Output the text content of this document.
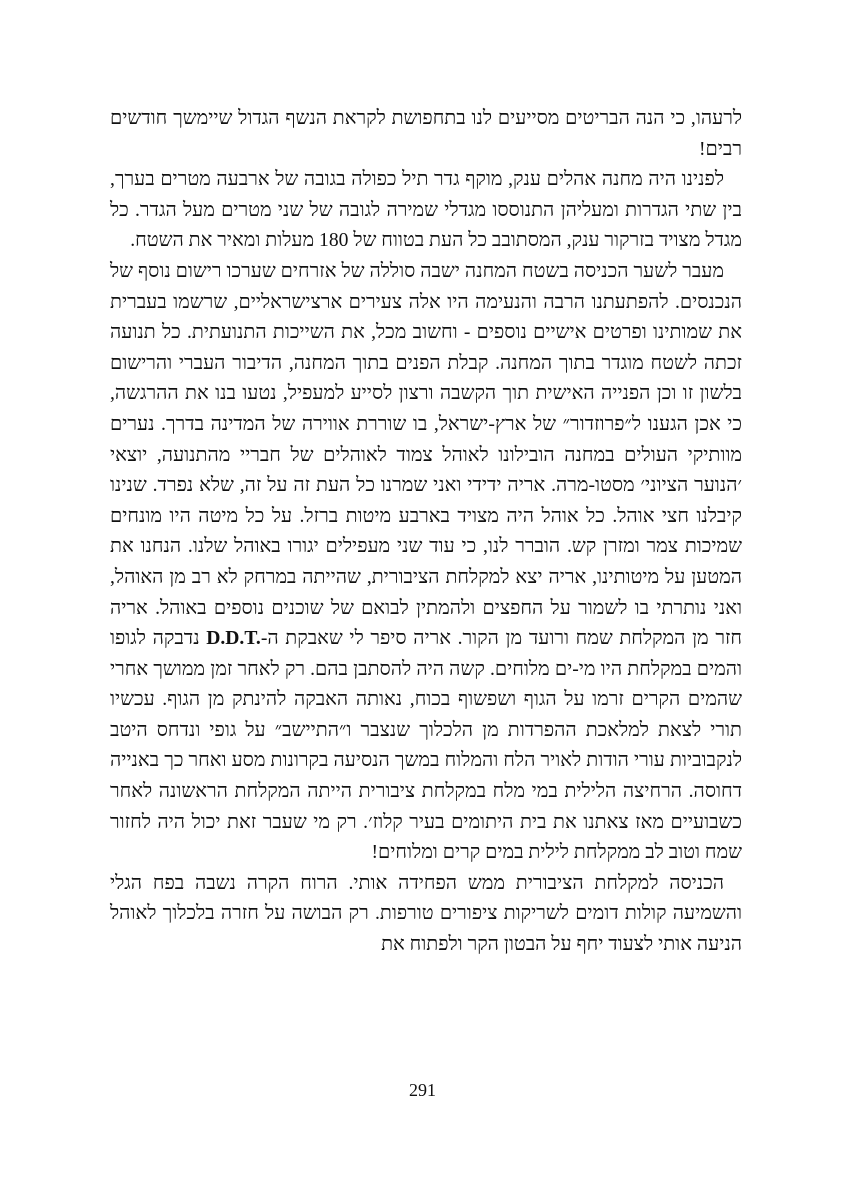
לרעהו, כי הנה הבריטים מסייעים לנו בתחפושת לקראת הנשף הגדול שיימשך חודשים רבים!

לפנינו היה מחנה אהלים ענק, מוקף גדר תיל כפולה בגובה של ארבעה מטרים בערך, בין שתי הגדרות ומעליהן התנוססו מגדלי שמירה לגובה של שני מטרים מעל הגדר. כל מגדל מצויד בזרקור ענק, המסתובב כל העת בטווח של 180 מעלות ומאיר את השטח.

מעבר לשער הכניסה בשטח המחנה ישבה סוללה של אזרחים שערכו רישום נוסף של הנכנסים. להפתעתנו הרבה והנעימה היו אלה צעירים ארצישראליים, שרשמו בעברית את שמותינו ופרטים אישיים נוספים - וחשוב מכל, את השייכות התנועתית. כל תנועה זכתה לשטח מוגדר בתוך המחנה. קבלת הפנים בתוך המחנה, הדיבור העברי והרישום בלשון זו וכן הפנייה האישית תוך הקשבה ורצון לסייע למעפיל, נטעו בנו את ההרגשה, כי אכן הגענו ל״פרוזדור״ של ארץ-ישראל, בו שוררת אווירה של המדינה בדרך. נערים מוותיקי העולים במחנה הובילונו לאוהל צמוד לאוהלים של חבריי מהתנועה, יוצאי ׳הנוער הציוני׳ מסטו-מרה. אריה ידידי ואני שמרנו כל העת זה על זה, שלא נפרד. שנינו קיבלנו חצי אוהל. כל אוהל היה מצויד בארבע מיטות ברזל. על כל מיטה היו מונחים שמיכות צמר ומזרן קש. הוברר לנו, כי עוד שני מעפילים יגורו באוהל שלנו. הנחנו את המטען על מיטותינו, אריה יצא למקלחת הציבורית, שהייתה במרחק לא רב מן האוהל, ואני נותרתי בו לשמור על החפצים ולהמתין לבואם של שוכנים נוספים באוהל. אריה חזר מן המקלחת שמח ורועד מן הקור. אריה סיפר לי שאבקת ה-D.D.T. נדבקה לגופו והמים במקלחת היו מי-ים מלוחים. קשה היה להסתבן בהם. רק לאחר זמן ממושך אחרי שהמים הקרים זרמו על הגוף ושפשוף בכוח, נאותה האבקה להינתק מן הגוף. עכשיו תורי לצאת למלאכת ההפרדות מן הלכלוך שנצבר ו״התיישב״ על גופי ונדחס היטב לנקבוביות עורי הודות לאויר הלח והמלוח במשך הנסיעה בקרונות מסע ואחר כך באנייה דחוסה. הרחיצה הלילית במי מלח במקלחת ציבורית הייתה המקלחת הראשונה לאחר כשבועיים מאז צאתנו את בית היתומים בעיר קלוז׳. רק מי שעבר זאת יכול היה לחזור שמח וטוב לב ממקלחת לילית במים קרים ומלוחים!

הכניסה למקלחת הציבורית ממש הפחידה אותי. הרוח הקרה נשבה בפח הגלי והשמיעה קולות דומים לשריקות ציפורים טורפות. רק הבושה על חזרה בלכלוך לאוהל הניעה אותי לצעוד יחף על הבטון הקר ולפתוח את

291
